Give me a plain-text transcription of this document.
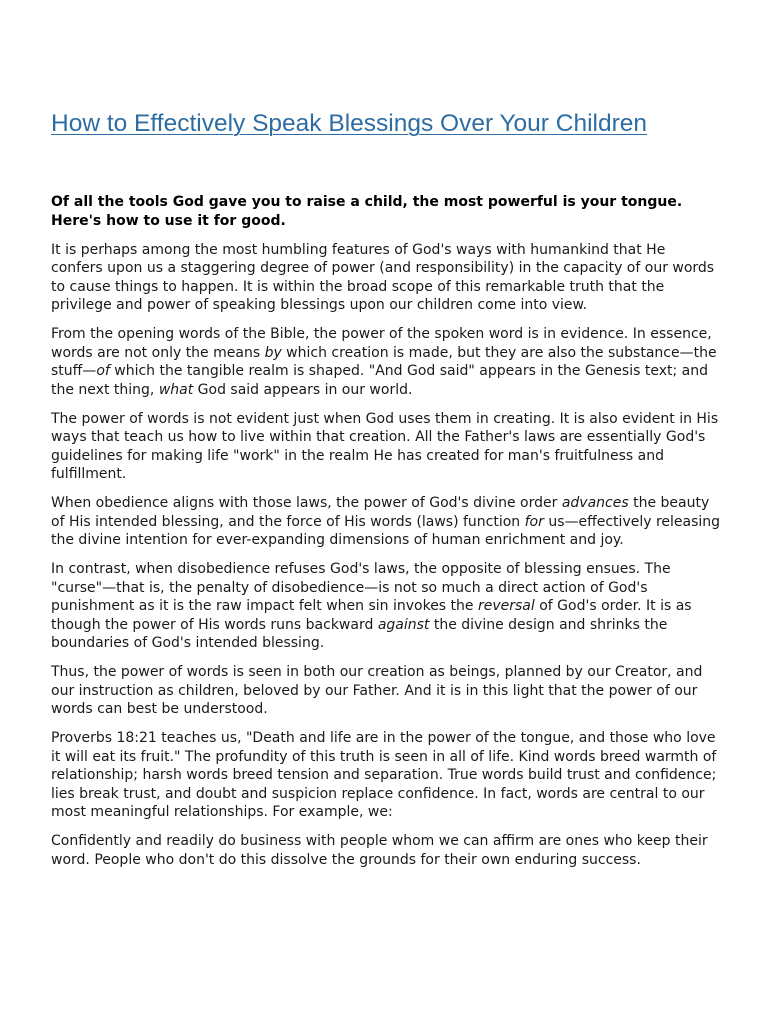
How to Effectively Speak Blessings Over Your Children

Of all the tools God gave you to raise a child, the most powerful is your tongue.
Here's how to use it for good.

It is perhaps among the most humbling features of God's ways with humankind that He
confers upon us a staggering degree of power (and responsibility) in the capacity of our words
to cause things to happen. It is within the broad scope of this remarkable truth that the
privilege and power of speaking blessings upon our children come into view.

From the opening words of the Bible, the power of the spoken word is in evidence. In essence,
words are not only the means by which creation is made, but they are also the substance—the
stuff—of which the tangible realm is shaped. "And God said" appears in the Genesis text; and
the next thing, what God said appears in our world.

The power of words is not evident just when God uses them in creating. It is also evident in His
ways that teach us how to live within that creation. All the Father's laws are essentially God's
guidelines for making life "work" in the realm He has created for man's fruitfulness and
fulfillment.

When obedience aligns with those laws, the power of God's divine order advances the beauty
of His intended blessing, and the force of His words (laws) function for us—effectively releasing
the divine intention for ever-expanding dimensions of human enrichment and joy.

In contrast, when disobedience refuses God's laws, the opposite of blessing ensues. The
"curse"—that is, the penalty of disobedience—is not so much a direct action of God's
punishment as it is the raw impact felt when sin invokes the reversal of God's order. It is as
though the power of His words runs backward against the divine design and shrinks the
boundaries of God's intended blessing.

Thus, the power of words is seen in both our creation as beings, planned by our Creator, and
our instruction as children, beloved by our Father. And it is in this light that the power of our
words can best be understood.

Proverbs 18:21 teaches us, "Death and life are in the power of the tongue, and those who love
it will eat its fruit." The profundity of this truth is seen in all of life. Kind words breed warmth of
relationship; harsh words breed tension and separation. True words build trust and confidence;
lies break trust, and doubt and suspicion replace confidence. In fact, words are central to our
most meaningful relationships. For example, we:

Confidently and readily do business with people whom we can affirm are ones who keep their
word. People who don't do this dissolve the grounds for their own enduring success.
